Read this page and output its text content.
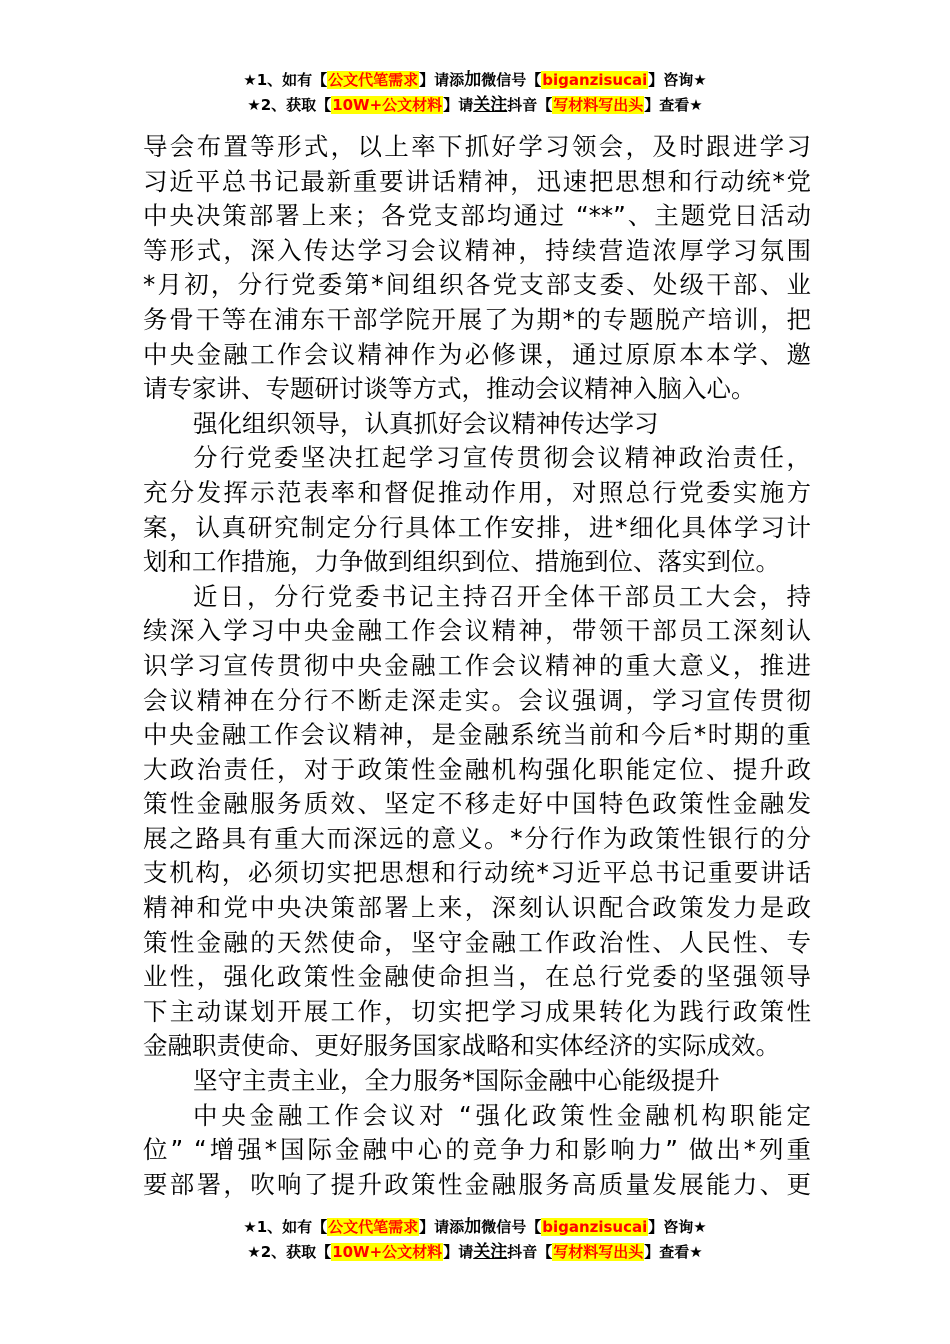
★1、如有【公文代笔需求】请添加微信号【biganzisucai】咨询★
★2、获取【10W+公文材料】请关注抖音【写材料写出头】查看★
导会布置等形式，以上率下抓好学习领会，及时跟进学习
习近平总书记最新重要讲话精神，迅速把思想和行动统*党
中央决策部署上来；各党支部均通过 “**”、主题党日活动
等形式，深入传达学习会议精神，持续营造浓厚学习氛围
*月初，分行党委第*间组织各党支部支委、处级干部、业
务骨干等在浦东干部学院开展了为期*的专题脱产培训，把
中央金融工作会议精神作为必修课，通过原原本本学、邀
请专家讲、专题研讨谈等方式，推动会议精神入脑入心。
强化组织领导，认真抓好会议精神传达学习
分行党委坚决扛起学习宣传贯彻会议精神政治责任，
充分发挥示范表率和督促推动作用，对照总行党委实施方
案，认真研究制定分行具体工作安排，进*细化具体学习计
划和工作措施，力争做到组织到位、措施到位、落实到位。
近日，分行党委书记主持召开全体干部员工大会，持
续深入学习中央金融工作会议精神，带领干部员工深刻认
识学习宣传贯彻中央金融工作会议精神的重大意义，推进
会议精神在分行不断走深走实。会议强调，学习宣传贯彻
中央金融工作会议精神，是金融系统当前和今后*时期的重
大政治责任，对于政策性金融机构强化职能定位、提升政
策性金融服务质效、坚定不移走好中国特色政策性金融发
展之路具有重大而深远的意义。*分行作为政策性银行的分
支机构，必须切实把思想和行动统*习近平总书记重要讲话
精神和党中央决策部署上来，深刻认识配合政策发力是政
策性金融的天然使命，坚守金融工作政治性、人民性、专
业性，强化政策性金融使命担当，在总行党委的坚强领导
下主动谋划开展工作，切实把学习成果转化为践行政策性
金融职责使命、更好服务国家战略和实体经济的实际成效。
坚守主责主业，全力服务*国际金融中心能级提升
中央金融工作会议对 “强化政策性金融机构职能定
位” “增强*国际金融中心的竞争力和影响力” 做出*列重
要部署，吹响了提升政策性金融服务高质量发展能力、更
★1、如有【公文代笔需求】请添加微信号【biganzisucai】咨询★
★2、获取【10W+公文材料】请关注抖音【写材料写出头】查看★
